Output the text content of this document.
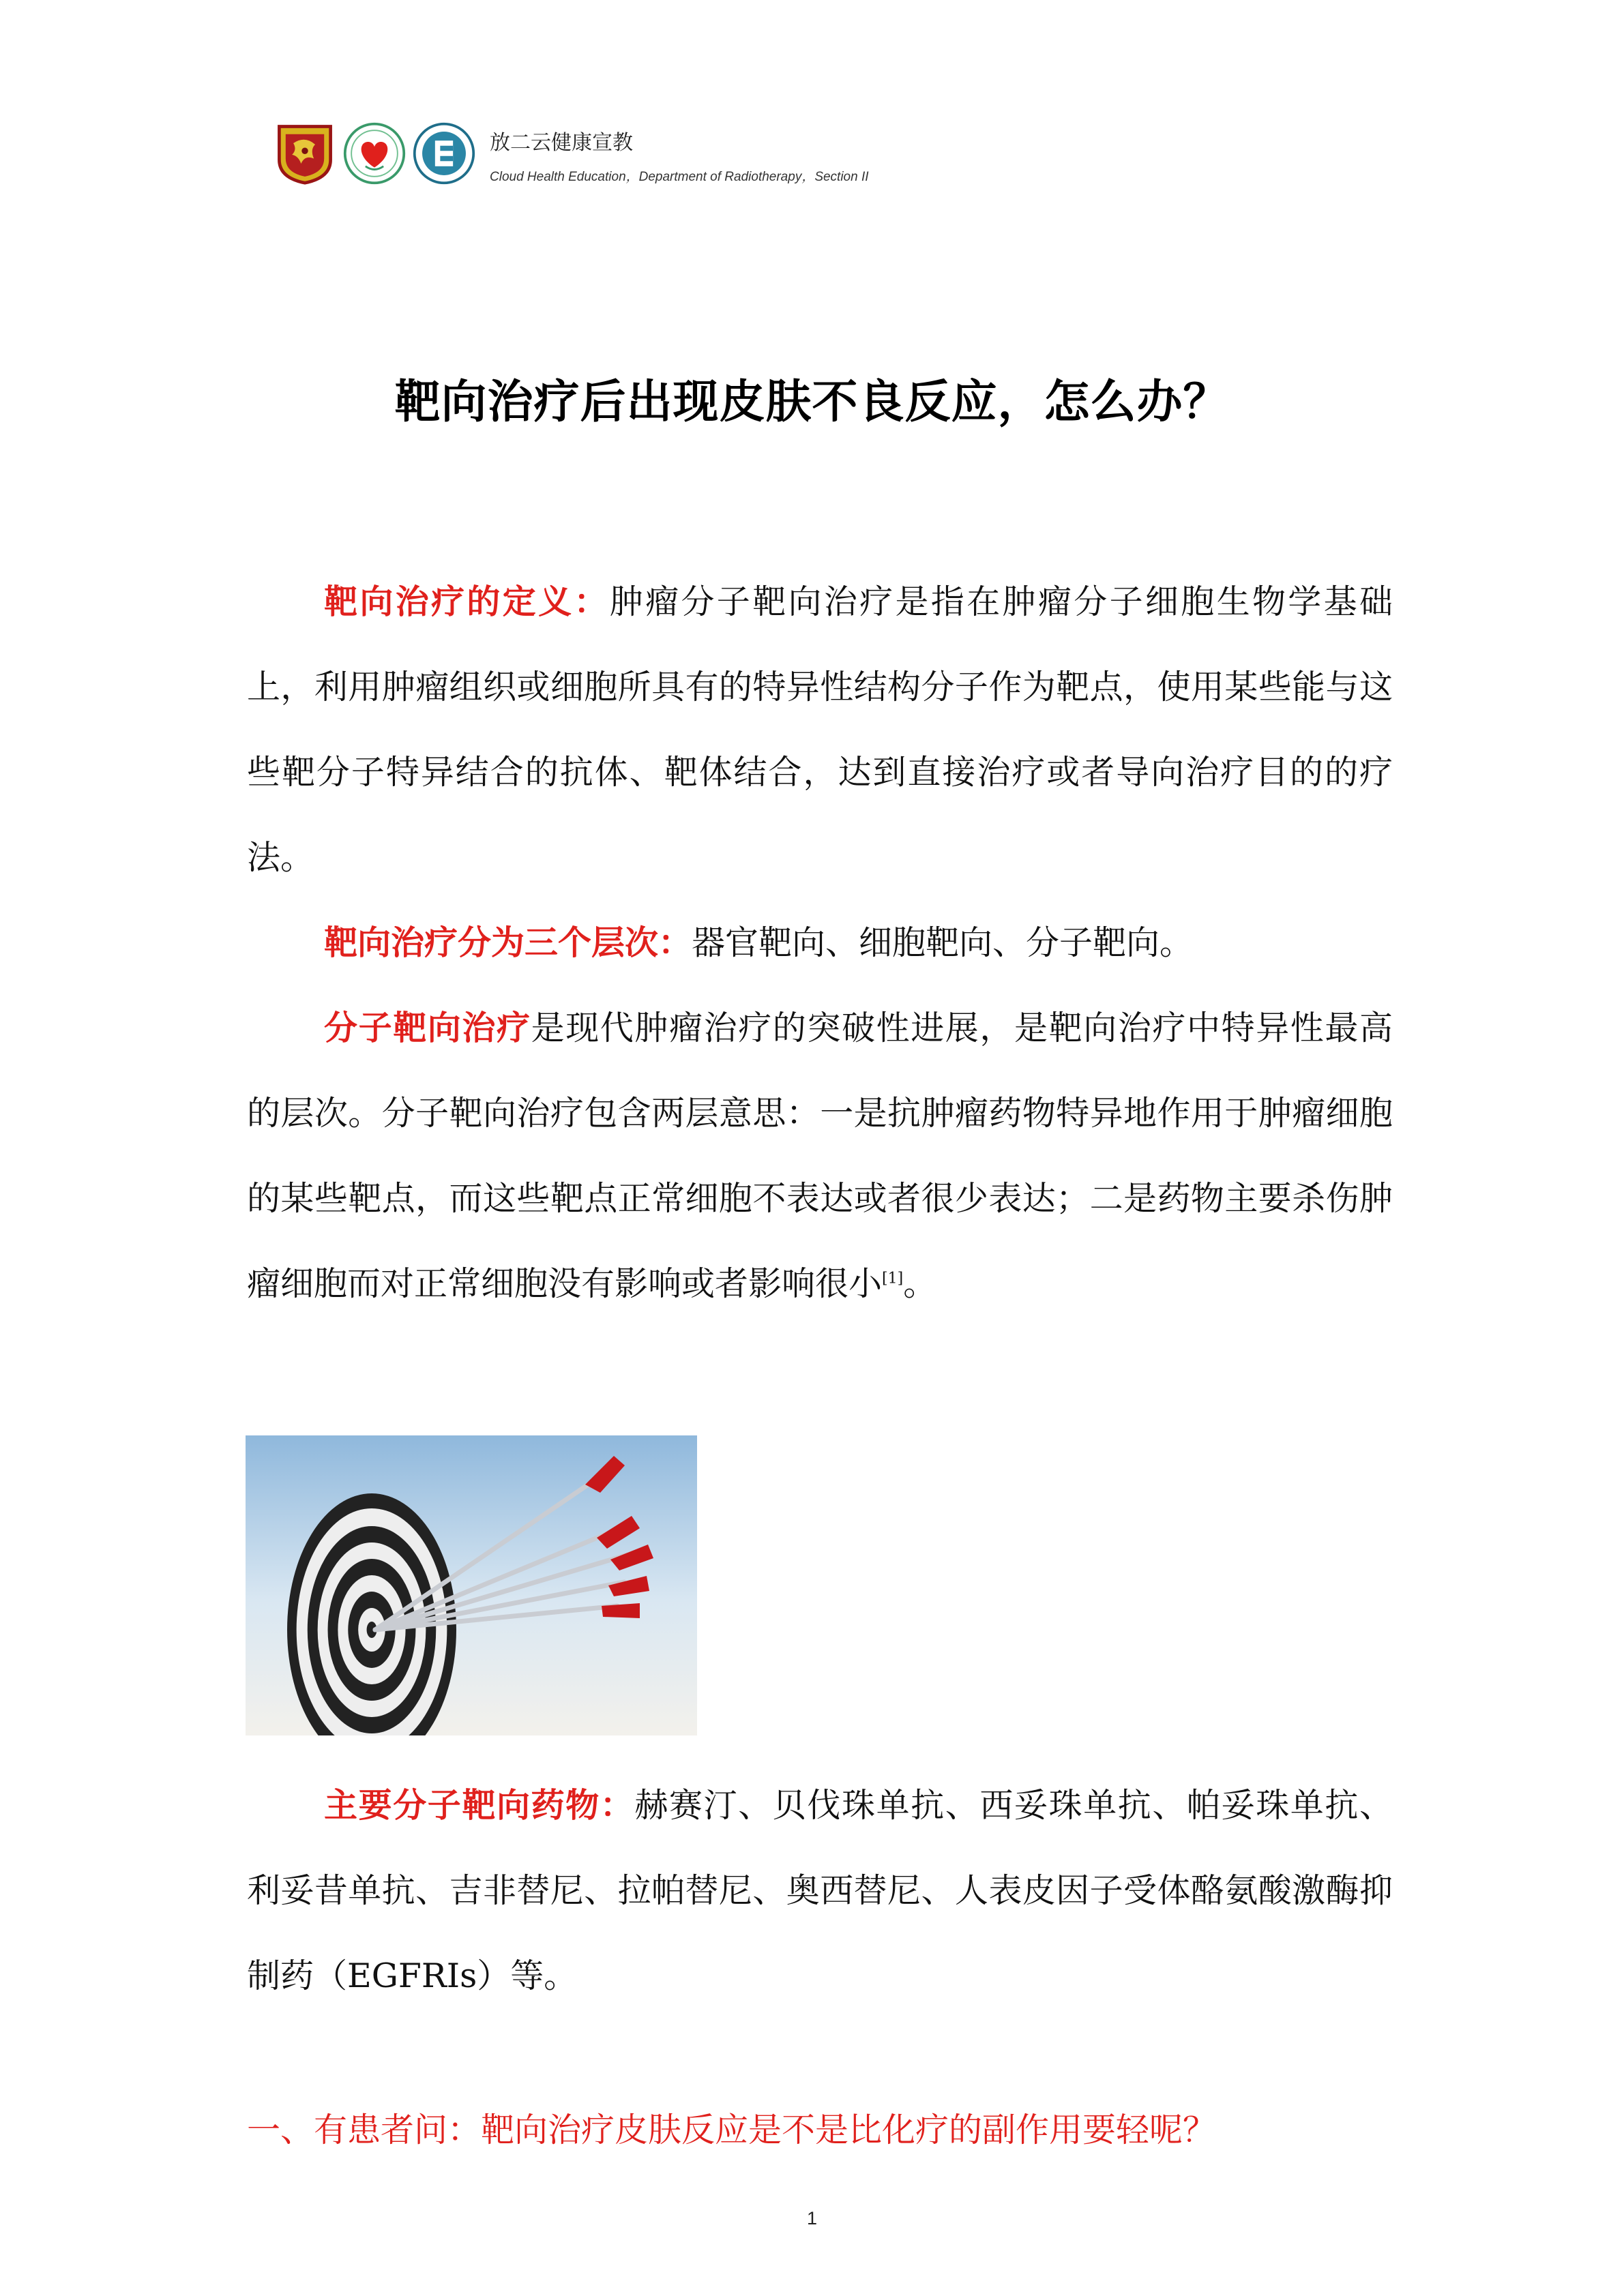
放二云健康宣教
Cloud Health Education，Department of Radiotherapy，Section II
靶向治疗后出现皮肤不良反应，怎么办？

靶向治疗的定义：肿瘤分子靶向治疗是指在肿瘤分子细胞生物学基础上，利用肿瘤组织或细胞所具有的特异性结构分子作为靶点，使用某些能与这些靶分子特异结合的抗体、靶体结合，达到直接治疗或者导向治疗目的的疗法。

靶向治疗分为三个层次：器官靶向、细胞靶向、分子靶向。

分子靶向治疗是现代肿瘤治疗的突破性进展，是靶向治疗中特异性最高的层次。分子靶向治疗包含两层意思：一是抗肿瘤药物特异地作用于肿瘤细胞的某些靶点，而这些靶点正常细胞不表达或者很少表达；二是药物主要杀伤肿瘤细胞而对正常细胞没有影响或者影响很小[1]。

主要分子靶向药物：赫赛汀、贝伐珠单抗、西妥珠单抗、帕妥珠单抗、利妥昔单抗、吉非替尼、拉帕替尼、奥西替尼、人表皮因子受体酪氨酸激酶抑制药（EGFRIs）等。

一、有患者问：靶向治疗皮肤反应是不是比化疗的副作用要轻呢？
1
